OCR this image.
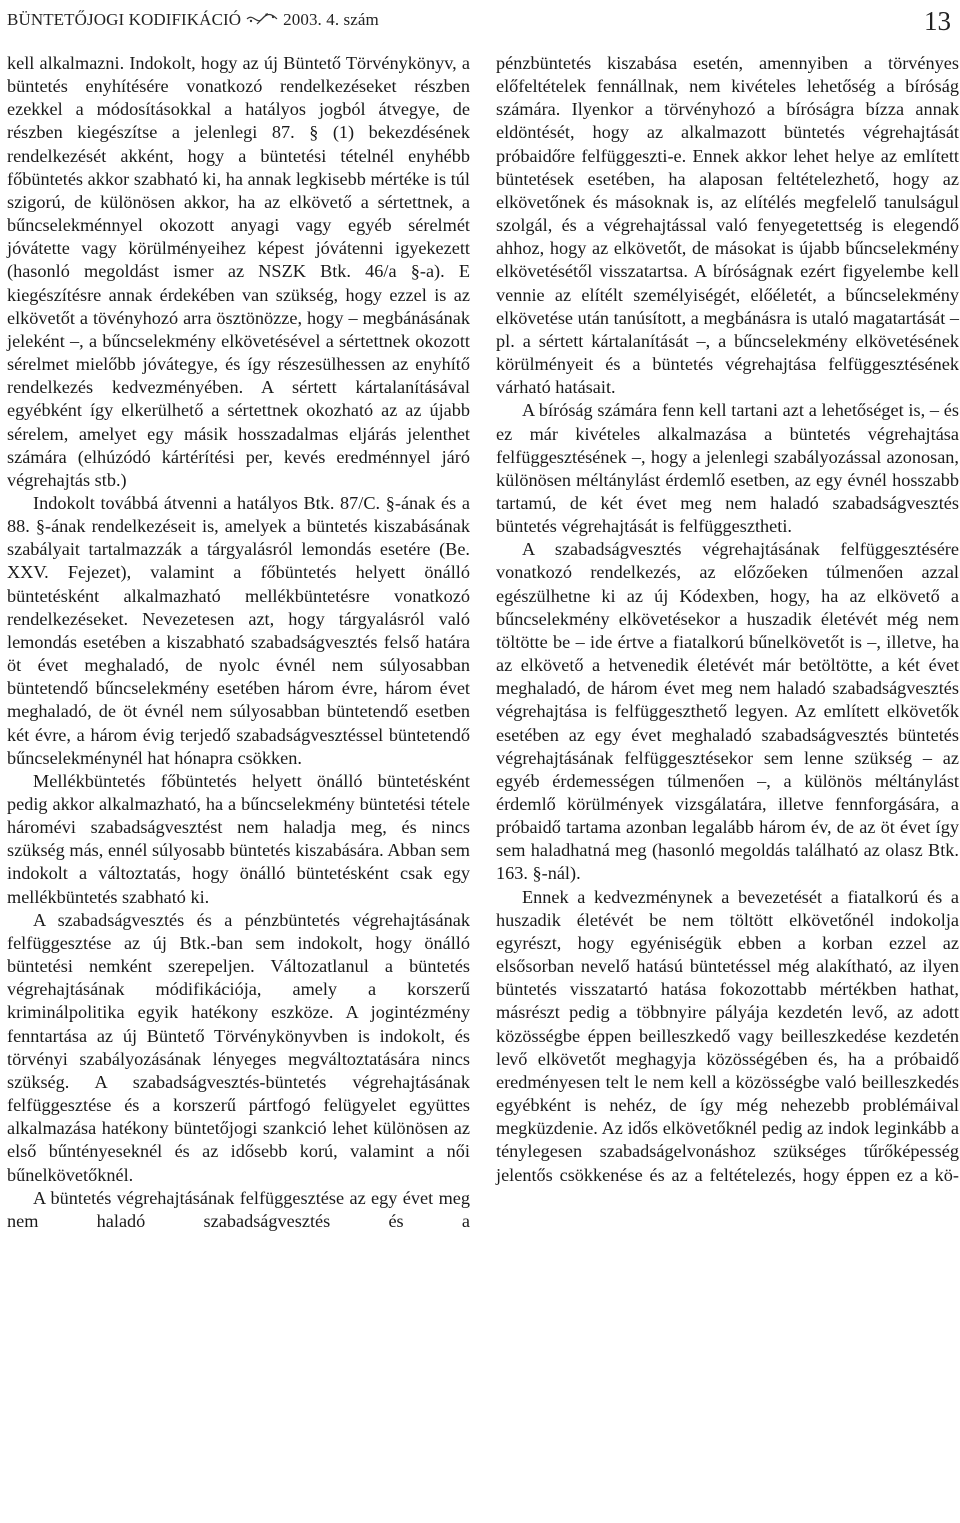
BÜNTETŐJOGI KODIFIKÁCIÓ 2003. 4. szám	13

kell alkalmazni. Indokolt, hogy az új Büntető Törvénykönyv, a büntetés enyhítésére vonatkozó rendelkezéseket részben ezekkel a módosításokkal a hatályos jogból átvegye, de részben kiegészítse a jelenlegi 87. § (1) bekezdésének rendelkezését akként, hogy a büntetési tételnél enyhébb főbüntetés akkor szabható ki, ha annak legkisebb mértéke is túl szigorú, de különösen akkor, ha az elkövető a sértettnek, a bűncselekménnyel okozott anyagi vagy egyéb sérelmét jóvátette vagy körülményeihez képest jóvátenni igyekezett (hasonló megoldást ismer az NSZK Btk. 46/a §-a). E kiegészítésre annak érdekében van szükség, hogy ezzel is az elkövetőt a tövényhozó arra ösztönözze, hogy – megbánásának jeleként –, a bűncselekmény elkövetésével a sértettnek okozott sérelmet mielőbb jóvátegye, és így részesülhessen az enyhítő rendelkezés kedvezményében. A sértett kártalanításával egyébként így elkerülhető a sértettnek okozható az az újabb sérelem, amelyet egy másik hosszadalmas eljárás jelenthet számára (elhúzódó kártérítési per, kevés eredménnyel járó végrehajtás stb.)

Indokolt továbbá átvenni a hatályos Btk. 87/C. §-ának és a 88. §-ának rendelkezéseit is, amelyek a büntetés kiszabásának szabályait tartalmazzák a tárgyalásról lemondás esetére (Be. XXV. Fejezet), valamint a főbüntetés helyett önálló büntetésként alkalmazható mellékbüntetésre vonatkozó rendelkezéseket. Nevezetesen azt, hogy tárgyalásról való lemondás esetében a kiszabható szabadságvesztés felső határa öt évet meghaladó, de nyolc évnél nem súlyosabban büntetendő bűncselekmény esetében három évre, három évet meghaladó, de öt évnél nem súlyosabban büntetendő esetben két évre, a három évig terjedő szabadságvesztéssel büntetendő bűncselekménynél hat hónapra csökken.

Mellékbüntetés főbüntetés helyett önálló büntetésként pedig akkor alkalmazható, ha a bűncselekmény büntetési tétele háromévi szabadságvesztést nem haladja meg, és nincs szükség más, ennél súlyosabb büntetés kiszabására. Abban sem indokolt a változtatás, hogy önálló büntetésként csak egy mellékbüntetés szabható ki.

A szabadságvesztés és a pénzbüntetés végrehajtásának felfüggesztése az új Btk.-ban sem indokolt, hogy önálló büntetési nemként szerepeljen. Változatlanul a büntetés végrehajtásának módifikációja, amely a korszerű kriminálpolitika egyik hatékony eszköze. A jogintézmény fenntartása az új Büntető Törvénykönyvben is indokolt, és törvényi szabályozásának lényeges megváltoztatására nincs szükség. A szabadságvesztés-büntetés végrehajtásának felfüggesztése és a korszerű pártfogó felügyelet együttes alkalmazása hatékony büntetőjogi szankció lehet különösen az első bűntényeseknél és az idősebb korú, valamint a női bűnelkövetőknél.

A büntetés végrehajtásának felfüggesztése az egy évet meg nem haladó szabadságvesztés és a

pénzbüntetés kiszabása esetén, amennyiben a törvényes előfeltételek fennállnak, nem kivételes lehetőség a bíróság számára. Ilyenkor a törvényhozó a bíróságra bízza annak eldöntését, hogy az alkalmazott büntetés végrehajtását próbaidőre felfüggeszti-e. Ennek akkor lehet helye az említett büntetések esetében, ha alaposan feltételezhető, hogy az elkövetőnek és másoknak is, az elítélés megfelelő tanulságul szolgál, és a végrehajtással való fenyegetettség is elegendő ahhoz, hogy az elkövetőt, de másokat is újabb bűncselekmény elkövetésétől visszatartsa. A bíróságnak ezért figyelembe kell vennie az elítélt személyiségét, előéletét, a bűncselekmény elkövetése után tanúsított, a megbánásra is utaló magatartását – pl. a sértett kártalanítását –, a bűncselekmény elkövetésének körülményeit és a büntetés végrehajtása felfüggesztésének várható hatásait.

A bíróság számára fenn kell tartani azt a lehetőséget is, – és ez már kivételes alkalmazása a büntetés végrehajtása felfüggesztésének –, hogy a jelenlegi szabályozással azonosan, különösen méltánylást érdemlő esetben, az egy évnél hosszabb tartamú, de két évet meg nem haladó szabadságvesztés büntetés végrehajtását is felfüggesztheti.

A szabadságvesztés végrehajtásának felfüggesztésére vonatkozó rendelkezés, az előzőeken túlmenően azzal egészülhetne ki az új Kódexben, hogy, ha az elkövető a bűncselekmény elkövetésekor a huszadik életévét még nem töltötte be – ide értve a fiatalkorú bűnelkövetőt is –, illetve, ha az elkövető a hetvenedik életévét már betöltötte, a két évet meghaladó, de három évet meg nem haladó szabadságvesztés végrehajtása is felfüggeszthető legyen. Az említett elkövetők esetében az egy évet meghaladó szabadságvesztés büntetés végrehajtásának felfüggesztésekor sem lenne szükség – az egyéb érdemességen túlmenően –, a különös méltánylást érdemlő körülmények vizsgálatára, illetve fennforgására, a próbaidő tartama azonban legalább három év, de az öt évet így sem haladhatná meg (hasonló megoldás található az olasz Btk. 163. §-nál).

Ennek a kedvezménynek a bevezetését a fiatalkorú és a huszadik életévét be nem töltött elkövetőnél indokolja egyrészt, hogy egyéniségük ebben a korban ezzel az elsősorban nevelő hatású büntetéssel még alakítható, az ilyen büntetés visszatartó hatása fokozottabb mértékben hathat, másrészt pedig a többnyire pályája kezdetén levő, az adott közösségbe éppen beilleszkedő vagy beilleszkedése kezdetén levő elkövetőt meghagyja közösségében és, ha a próbaidő eredményesen telt le nem kell a közösségbe való beilleszkedés egyébként is nehéz, de így még nehezebb problémáival megküzdenie. Az idős elkövetőknél pedig az indok leginkább a ténylegesen szabadságelvonáshoz szükséges tűrőképesség jelentős csökkenése és az a feltételezés, hogy éppen ez a kö-
